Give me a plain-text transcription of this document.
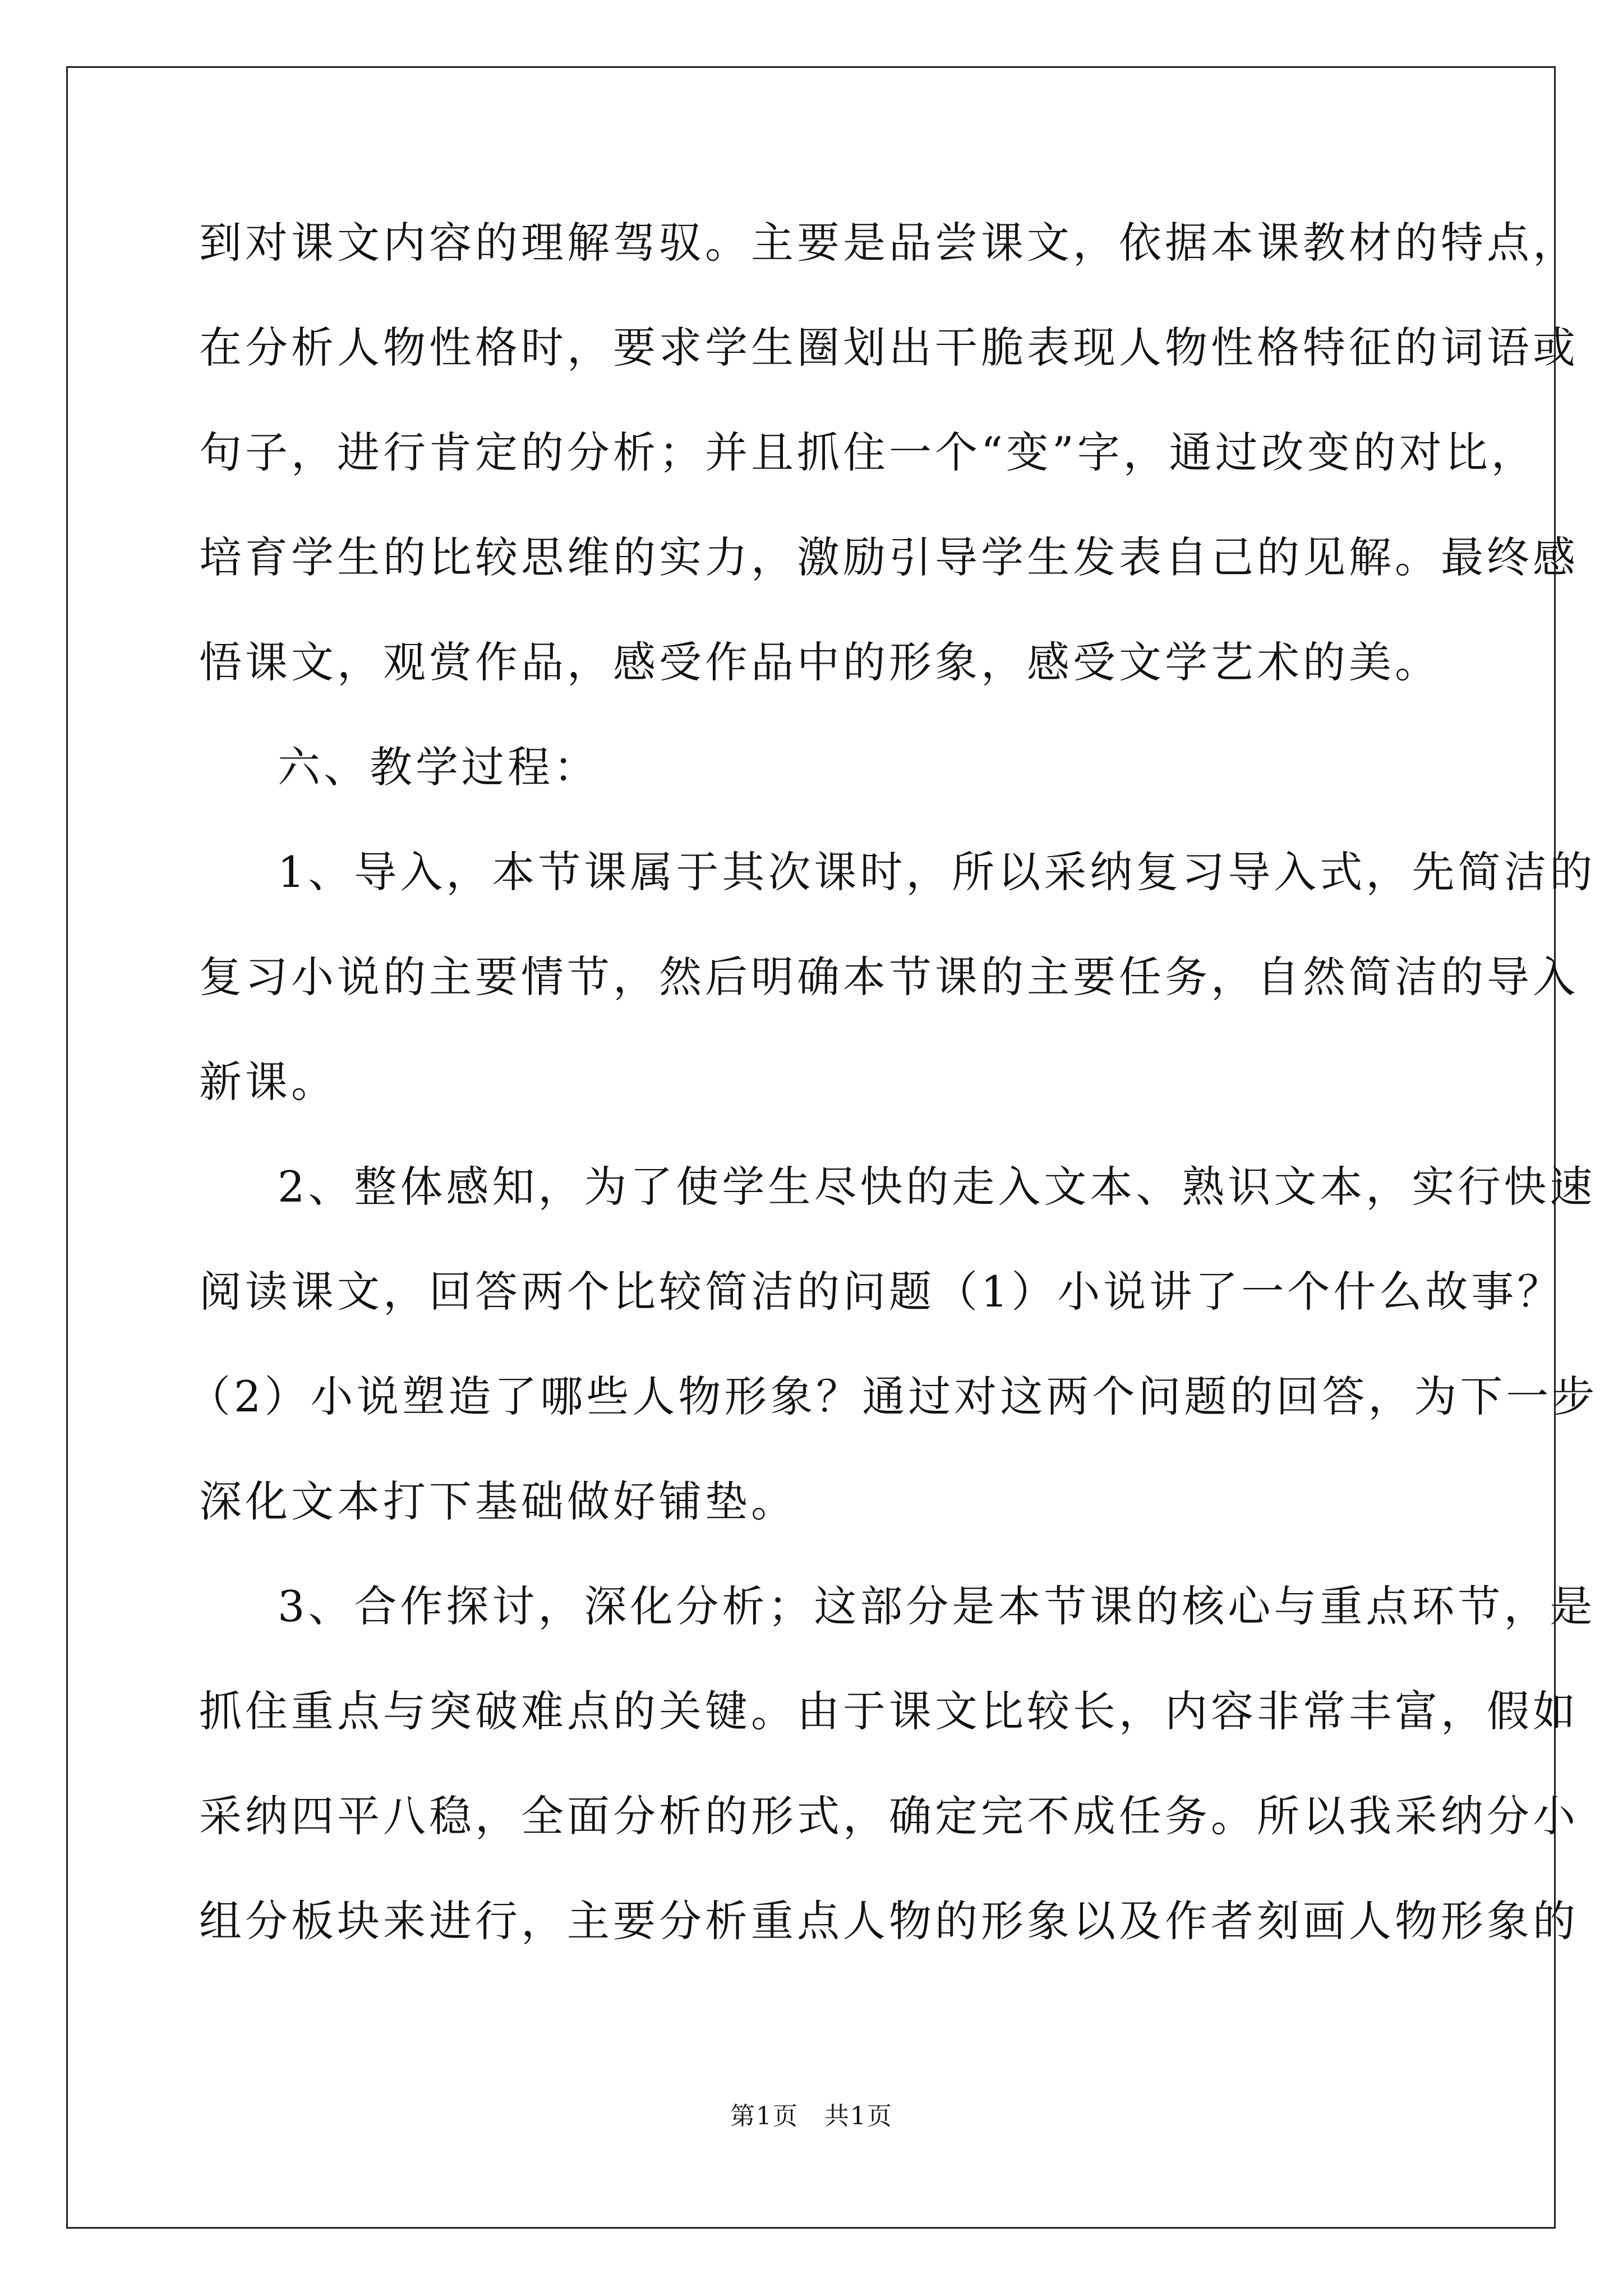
到对课文内容的理解驾驭。主要是品尝课文，依据本课教材的特点，
在分析人物性格时，要求学生圈划出干脆表现人物性格特征的词语或
句子，进行肯定的分析；并且抓住一个“变”字，通过改变的对比，
培育学生的比较思维的实力，激励引导学生发表自己的见解。最终感
悟课文，观赏作品，感受作品中的形象，感受文学艺术的美。
六、教学过程：
1、导入，本节课属于其次课时，所以采纳复习导入式，先简洁的
复习小说的主要情节，然后明确本节课的主要任务，自然简洁的导入
新课。
2、整体感知，为了使学生尽快的走入文本、熟识文本，实行快速
阅读课文，回答两个比较简洁的问题（1）小说讲了一个什么故事？
（2）小说塑造了哪些人物形象？通过对这两个问题的回答，为下一步
深化文本打下基础做好铺垫。
3、合作探讨，深化分析；这部分是本节课的核心与重点环节，是
抓住重点与突破难点的关键。由于课文比较长，内容非常丰富，假如
采纳四平八稳，全面分析的形式，确定完不成任务。所以我采纳分小
组分板块来进行，主要分析重点人物的形象以及作者刻画人物形象的
第1页　共1页
